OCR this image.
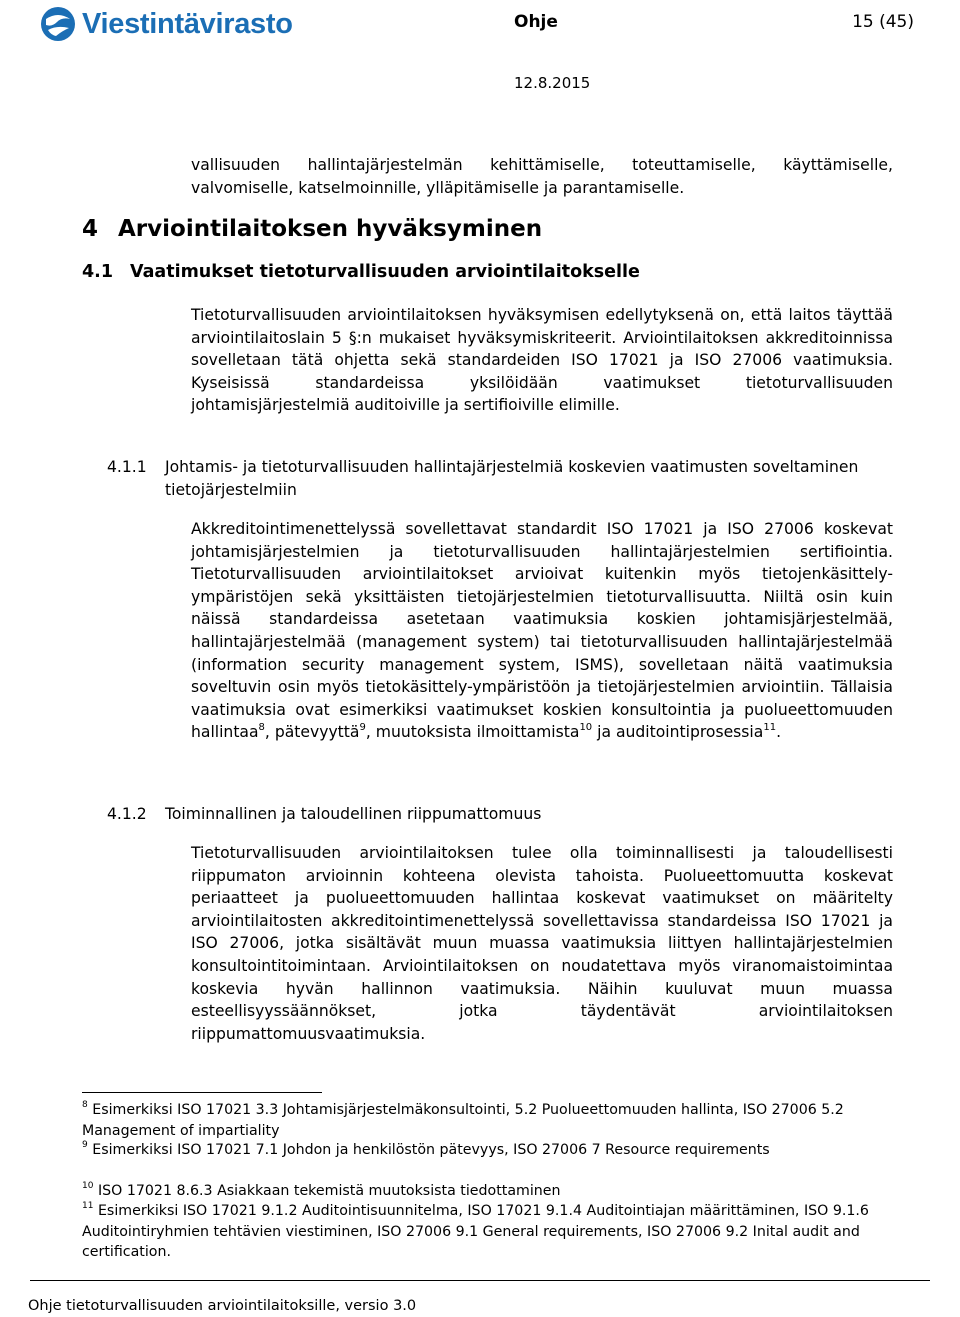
Viestintävirasto	Ohje	15 (45)
12.8.2015

vallisuuden hallintajärjestelmän kehittämiselle, toteuttamiselle, käyttämiselle, valvomiselle, katselmoinnille, ylläpitämiselle ja parantamiselle.

4 Arviointilaitoksen hyväksyminen
4.1 Vaatimukset tietoturvallisuuden arviointilaitokselle

Tietoturvallisuuden arviointilaitoksen hyväksymisen edellytyksenä on, että laitos täyttää arviointilaitoslain 5 §:n mukaiset hyväksymiskriteerit. Arviointilaitoksen akkreditoinnissa sovelletaan tätä ohjetta sekä standardeiden ISO 17021 ja ISO 27006 vaatimuksia. Kyseisissä standardeissa yksilöidään vaatimukset tietoturvallisuuden johtamisjärjestelmiä auditoiville ja sertifioiville elimille.

4.1.1	Johtamis- ja tietoturvallisuuden hallintajärjestelmiä koskevien vaatimusten soveltaminen tietojärjestelmiin

Akkreditointimenettelyssä sovellettavat standardit ISO 17021 ja ISO 27006 koskevat johtamisjärjestelmien ja tietoturvallisuuden hallintajärjestelmien sertifiointia. Tietoturvallisuuden arviointilaitokset arvioivat kuitenkin myös tietojenkäsittely-ympäristöjen sekä yksittäisten tietojärjestelmien tietoturvallisuutta. Niiltä osin kuin näissä standardeissa asetetaan vaatimuksia koskien johtamisjärjestelmää, hallintajärjestelmää (management system) tai tietoturvallisuuden hallintajärjestelmää (information security management system, ISMS), sovelletaan näitä vaatimuksia soveltuvin osin myös tietokäsittely-ympäristöön ja tietojärjestelmien arviointiin. Tällaisia vaatimuksia ovat esimerkiksi vaatimukset koskien konsultointia ja puolueettomuuden hallintaa$^8$, pätevyyttä$^9$, muutoksista ilmoittamista$^{10}$ ja auditointiprosessia$^{11}$.

4.1.2	Toiminnallinen ja taloudellinen riippumattomuus

Tietoturvallisuuden arviointilaitoksen tulee olla toiminnallisesti ja taloudellisesti riippumaton arvioinnin kohteena olevista tahoista. Puolueettomuutta koskevat periaatteet ja puolueettomuuden hallintaa koskevat vaatimukset on määritelty arviointilaitosten akkreditointimenettelyssä sovellettavissa standardeissa ISO 17021 ja ISO 27006, jotka sisältävät muun muassa vaatimuksia liittyen hallintajärjestelmien konsultointitoimintaan. Arviointilaitoksen on noudatettava myös viranomaistoimintaa koskevia hyvän hallinnon vaatimuksia. Näihin kuuluvat muun muassa esteellisyyssäännökset, jotka täydentävät arviointilaitoksen riippumattomuusvaatimuksia.

$^8$ Esimerkiksi ISO 17021 3.3 Johtamisjärjestelmäkonsultointi, 5.2 Puolueettomuuden hallinta, ISO 27006 5.2 Management of impartiality

$^9$ Esimerkiksi ISO 17021 7.1 Johdon ja henkilöstön pätevyys, ISO 27006 7 Resource requirements

$^{10}$ ISO 17021 8.6.3 Asiakkaan tekemistä muutoksista tiedottaminen

$^{11}$ Esimerkiksi ISO 17021 9.1.2 Auditointisuunnitelma, ISO 17021 9.1.4 Auditointiajan määrittäminen, ISO 9.1.6 Auditointiryhmien tehtävien viestiminen, ISO 27006 9.1 General requirements, ISO 27006 9.2 Inital audit and certification.

Ohje tietoturvallisuuden arviointilaitoksille, versio 3.0
